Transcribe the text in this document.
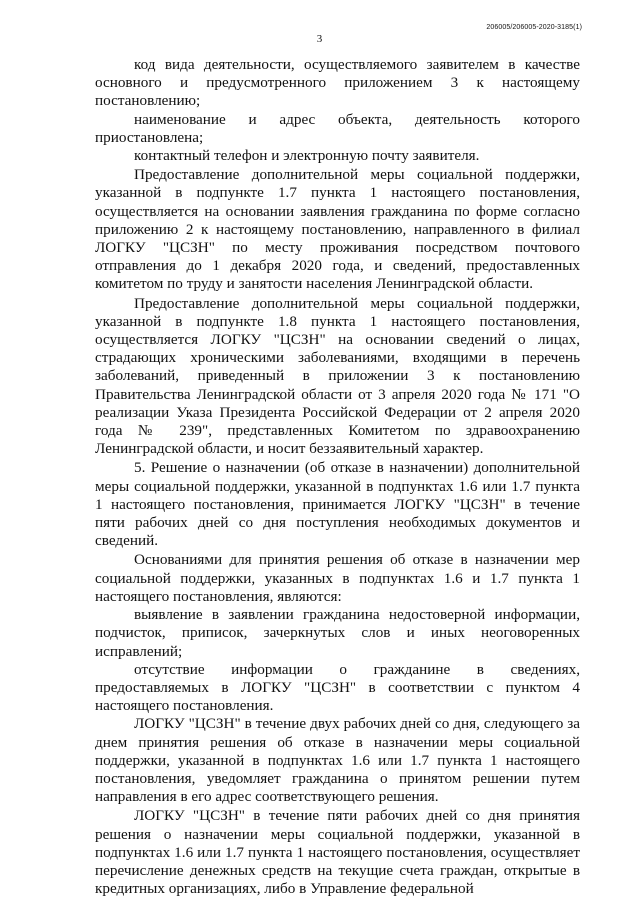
3
206005/206005-2020-3185(1)

код вида деятельности, осуществляемого заявителем в качестве основного и предусмотренного приложением 3 к настоящему постановлению;

наименование и адрес объекта, деятельность которого приостановлена;

контактный телефон и электронную почту заявителя.

Предоставление дополнительной меры социальной поддержки, указанной в подпункте 1.7 пункта 1 настоящего постановления, осуществляется на основании заявления гражданина по форме согласно приложению 2 к настоящему постановлению, направленного в филиал ЛОГКУ "ЦСЗН" по месту проживания посредством почтового отправления до 1 декабря 2020 года, и сведений, предоставленных комитетом по труду и занятости населения Ленинградской области.

Предоставление дополнительной меры социальной поддержки, указанной в подпункте 1.8 пункта 1 настоящего постановления, осуществляется ЛОГКУ "ЦСЗН" на основании сведений о лицах, страдающих хроническими заболеваниями, входящими в перечень заболеваний, приведенный в приложении 3 к постановлению Правительства Ленинградской области от 3 апреля 2020 года № 171 "О реализации Указа Президента Российской Федерации от 2 апреля 2020 года № 239", представленных Комитетом по здравоохранению Ленинградской области, и носит беззаявительный характер.

5. Решение о назначении (об отказе в назначении) дополнительной меры социальной поддержки, указанной в подпунктах 1.6 или 1.7 пункта 1 настоящего постановления, принимается ЛОГКУ "ЦСЗН" в течение пяти рабочих дней со дня поступления необходимых документов и сведений.

Основаниями для принятия решения об отказе в назначении мер социальной поддержки, указанных в подпунктах 1.6 и 1.7 пункта 1 настоящего постановления, являются:

выявление в заявлении гражданина недостоверной информации, подчисток, приписок, зачеркнутых слов и иных неоговоренных исправлений;

отсутствие информации о гражданине в сведениях, предоставляемых в ЛОГКУ "ЦСЗН" в соответствии с пунктом 4 настоящего постановления.

ЛОГКУ "ЦСЗН" в течение двух рабочих дней со дня, следующего за днем принятия решения об отказе в назначении меры социальной поддержки, указанной в подпунктах 1.6 или 1.7 пункта 1 настоящего постановления, уведомляет гражданина о принятом решении путем направления в его адрес соответствующего решения.

ЛОГКУ "ЦСЗН" в течение пяти рабочих дней со дня принятия решения о назначении меры социальной поддержки, указанной в подпунктах 1.6 или 1.7 пункта 1 настоящего постановления, осуществляет перечисление денежных средств на текущие счета граждан, открытые в кредитных организациях, либо в Управление федеральной
